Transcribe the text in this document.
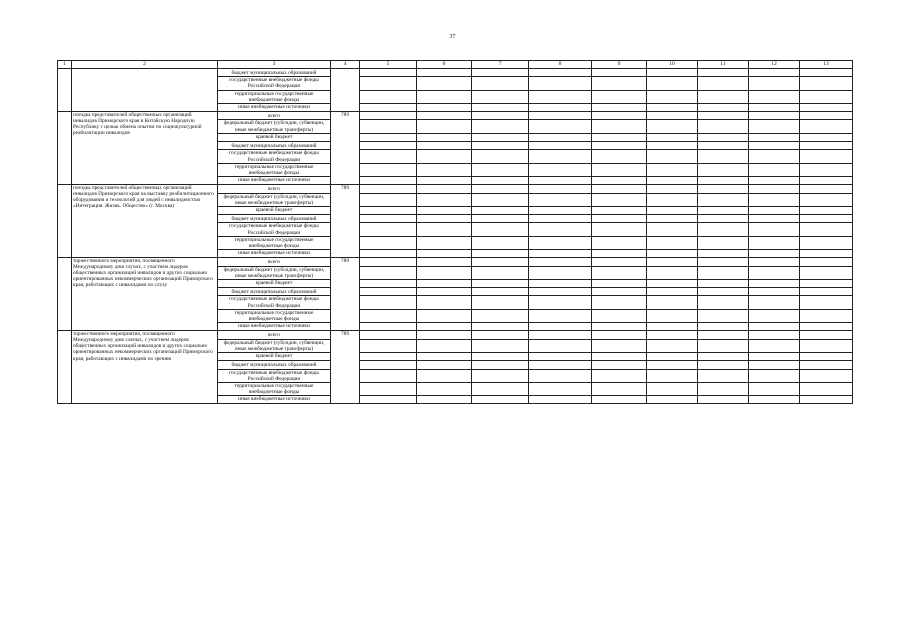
37
1	2	3	4	5	6	7	8	9	10	11	12	13
		бюджет муниципальных образований										
		государственные внебюджетные фонды Российской Федерации										
		территориальные государственные внебюджетные фонды										
		иные внебюджетные источники										
	поездка представителей общественных организаций инвалидов Приморского края в Китайскую Народную Республику с целью обмена опытом по социокультурной реабилитации инвалидов	всего	789									
		федеральный бюджет (субсидии, субвенции, иные межбюджетные трансферты)										
		краевой бюджет										
		бюджет муниципальных образований										
		государственные внебюджетные фонды Российской Федерации										
		территориальные государственные внебюджетные фонды										
		иные внебюджетные источники										
	поездка представителей общественных организаций инвалидов Приморского края на выставку реабилитационного оборудования и технологий для людей с инвалидностью «Интеграция. Жизнь. Общество» (г. Москва)	всего	789									
		федеральный бюджет (субсидии, субвенции, иные межбюджетные трансферты)										
		краевой бюджет										
		бюджет муниципальных образований										
		государственные внебюджетные фонды Российской Федерации										
		территориальные государственные внебюджетные фонды										
		иные внебюджетные источники										
	торжественного мероприятия, посвященного Международному дню глухих, с участием лидеров общественных организаций инвалидов и других социально ориентированных некоммерческих организаций Приморского края, работающих с инвалидами по слуху	всего	789									
		федеральный бюджет (субсидии, субвенции, иные межбюджетные трансферты)										
		краевой бюджет										
		бюджет муниципальных образований										
		государственные внебюджетные фонды Российской Федерации										
		территориальные государственные внебюджетные фонды										
		иные внебюджетные источники										
	торжественного мероприятия, посвященного Международному дню слепых, с участием лидеров общественных организаций инвалидов и других социально ориентированных некоммерческих организаций Приморского края, работающих с инвалидами по зрению	всего	789									
		федеральный бюджет (субсидии, субвенции, иные межбюджетные трансферты)										
		краевой бюджет										
		бюджет муниципальных образований										
		государственные внебюджетные фонды Российской Федерации										
		территориальные государственные внебюджетные фонды										
		иные внебюджетные источники										
